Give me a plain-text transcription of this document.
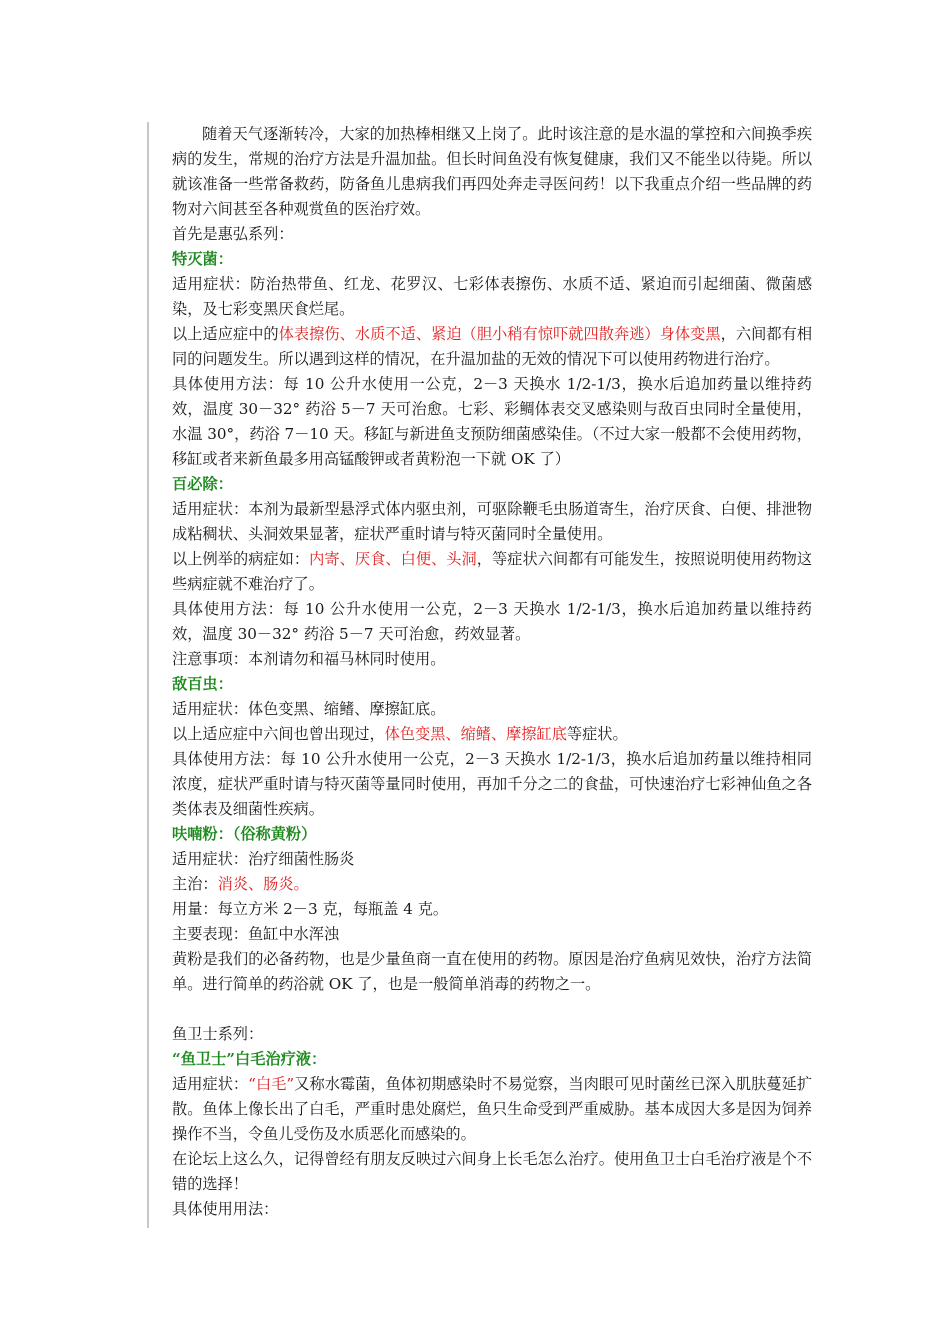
随着天气逐渐转冷，大家的加热棒相继又上岗了。此时该注意的是水温的掌控和六间换季疾病的发生，常规的治疗方法是升温加盐。但长时间鱼没有恢复健康，我们又不能坐以待毙。所以就该准备一些常备救药，防备鱼儿患病我们再四处奔走寻医问药！以下我重点介绍一些品牌的药物对六间甚至各种观赏鱼的医治疗效。

首先是惠弘系列：

特灭菌：

适用症状：防治热带鱼、红龙、花罗汉、七彩体表擦伤、水质不适、紧迫而引起细菌、微菌感染，及七彩变黑厌食烂尾。

以上适应症中的体表擦伤、水质不适、紧迫（胆小稍有惊吓就四散奔逃）身体变黑，六间都有相同的问题发生。所以遇到这样的情况，在升温加盐的无效的情况下可以使用药物进行治疗。

具体使用方法：每 10 公升水使用一公克，2－3 天换水 1/2-1/3，换水后追加药量以维持药效，温度 30－32° 药浴 5－7 天可治愈。七彩、彩鲷体表交叉感染则与敌百虫同时全量使用，水温 30°，药浴 7－10 天。移缸与新进鱼支预防细菌感染佳。（不过大家一般都不会使用药物，移缸或者来新鱼最多用高锰酸钾或者黄粉泡一下就 OK 了）

百必除：

适用症状：本剂为最新型悬浮式体内驱虫剂，可驱除鞭毛虫肠道寄生，治疗厌食、白便、排泄物成粘稠状、头洞效果显著，症状严重时请与特灭菌同时全量使用。

以上例举的病症如：内寄、厌食、白便、头洞，等症状六间都有可能发生，按照说明使用药物这些病症就不难治疗了。

具体使用方法：每 10 公升水使用一公克，2－3 天换水 1/2-1/3，换水后追加药量以维持药效，温度 30－32° 药浴 5－7 天可治愈，药效显著。

注意事项：本剂请勿和福马林同时使用。

敌百虫：

适用症状：体色变黑、缩鳍、摩擦缸底。

以上适应症中六间也曾出现过，体色变黑、缩鳍、摩擦缸底等症状。

具体使用方法：每 10 公升水使用一公克，2－3 天换水 1/2-1/3，换水后追加药量以维持相同浓度，症状严重时请与特灭菌等量同时使用，再加千分之二的食盐，可快速治疗七彩神仙鱼之各类体表及细菌性疾病。

呋喃粉：（俗称黄粉）

适用症状：治疗细菌性肠炎

主治：消炎、肠炎。

用量：每立方米 2－3 克，每瓶盖 4 克。

主要表现：鱼缸中水浑浊

黄粉是我们的必备药物，也是少量鱼商一直在使用的药物。原因是治疗鱼病见效快，治疗方法简单。进行简单的药浴就 OK 了，也是一般简单消毒的药物之一。

鱼卫士系列：

“鱼卫士”白毛治疗液：

适用症状：“白毛”又称水霉菌，鱼体初期感染时不易觉察，当肉眼可见时菌丝已深入肌肤蔓延扩散。鱼体上像长出了白毛，严重时患处腐烂，鱼只生命受到严重威胁。基本成因大多是因为饲养操作不当，令鱼儿受伤及水质恶化而感染的。

在论坛上这么久，记得曾经有朋友反映过六间身上长毛怎么治疗。使用鱼卫士白毛治疗液是个不错的选择！

具体使用用法：
